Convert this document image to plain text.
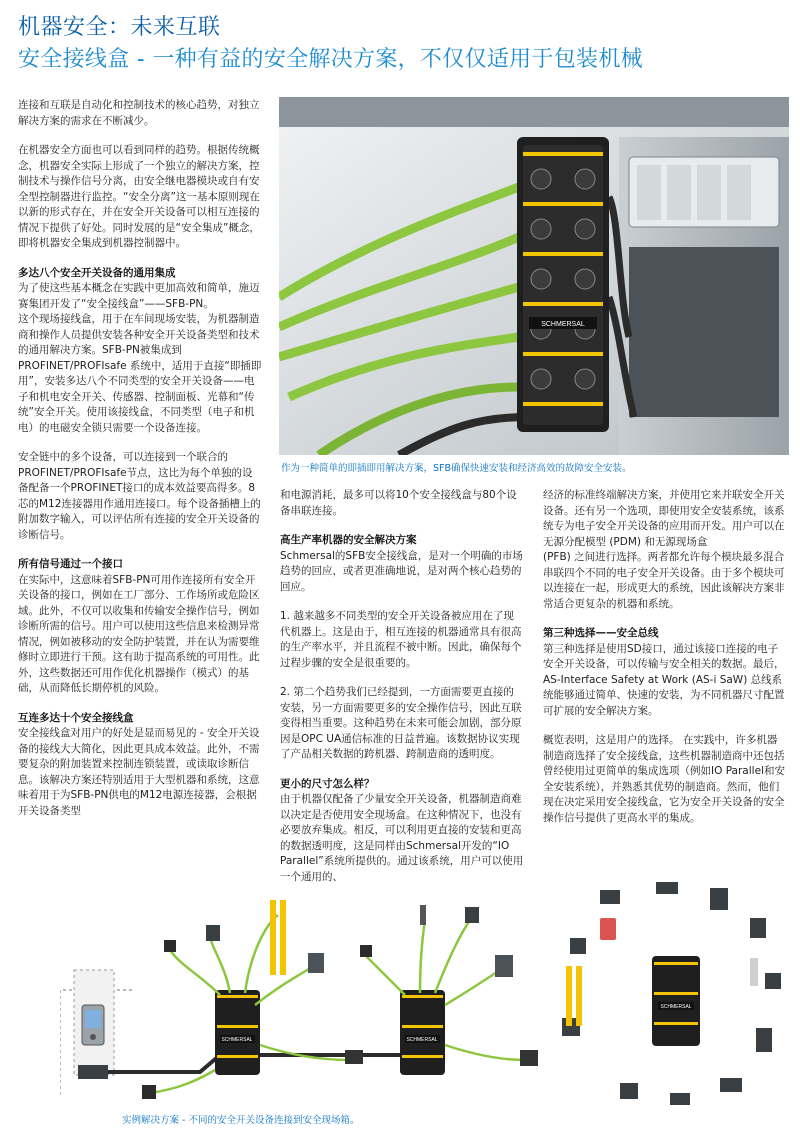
机器安全：未来互联
安全接线盒 - 一种有益的安全解决方案，不仅仅适用于包装机械

连接和互联是自动化和控制技术的核心趋势，对独立解决方案的需求在不断减少。

在机器安全方面也可以看到同样的趋势。根据传统概念，机器安全实际上形成了一个独立的解决方案，控制技术与操作信号分离，由安全继电器模块或自有安全型控制器进行监控。“安全分离”这一基本原则现在以新的形式存在，并在安全开关设备可以相互连接的情况下提供了好处。同时发展的是“安全集成”概念，即将机器安全集成到机器控制器中。

多达八个安全开关设备的通用集成

为了使这些基本概念在实践中更加高效和简单，施迈赛集团开发了“安全接线盒”——SFB-PN。

这个现场接线盒，用于在车间现场安装，为机器制造商和操作人员提供安装各种安全开关设备类型和技术的通用解决方案。SFB-PN被集成到PROFINET/PROFIsafe 系统中，适用于直接“即插即用”，安装多达八个不同类型的安全开关设备——电子和机电安全开关、传感器、控制面板、光幕和“传统”安全开关。使用该接线盒，不同类型（电子和机电）的电磁安全锁只需要一个设备连接。

安全链中的多个设备，可以连接到一个联合的PROFINET/PROFIsafe节点，这比为每个单独的设备配备一个PROFINET接口的成本效益要高得多。8芯的M12连接器用作通用连接口。每个设备插槽上的附加数字输入，可以评估所有连接的安全开关设备的诊断信号。

所有信号通过一个接口

在实际中，这意味着SFB-PN可用作连接所有安全开关设备的接口，例如在工厂部分、工作场所或危险区域。此外，不仅可以收集和传输安全操作信号，例如诊断所需的信号。用户可以使用这些信息来检测异常情况，例如被移动的安全防护装置，并在认为需要维修时立即进行干预。这有助于提高系统的可用性。此外，这些数据还可用作优化机器操作（模式）的基础，从而降低长期停机的风险。

互连多达十个安全接线盒

安全接线盒对用户的好处是显而易见的 - 安全开关设备的接线大大简化，因此更具成本效益。此外，不需要复杂的附加装置来控制连锁装置，或读取诊断信息。该解决方案还特别适用于大型机器和系统，这意味着用于为SFB-PN供电的M12电源连接器，会根据开关设备类型

SCHMERSAL
作为一种简单的即插即用解决方案，SFB确保快速安装和经济高效的故障安全安装。

和电源消耗，最多可以将10个安全接线盒与80个设备串联连接。

高生产率机器的安全解决方案

Schmersal的SFB安全接线盒，是对一个明确的市场趋势的回应，或者更准确地说，是对两个核心趋势的回应。

1. 越来越多不同类型的安全开关设备被应用在了现代机器上。这是由于，相互连接的机器通常具有很高的生产率水平，并且流程不被中断。因此，确保每个过程步骤的安全是很重要的。

2. 第二个趋势我们已经提到，一方面需要更直接的安装，另一方面需要更多的安全操作信号，因此互联变得相当重要。这种趋势在未来可能会加剧，部分原因是OPC UA通信标准的日益普遍。该数据协议实现了产品相关数据的跨机器、跨制造商的透明度。

更小的尺寸怎么样？

由于机器仅配备了少量安全开关设备，机器制造商难以决定是否使用安全现场盒。在这种情况下，也没有必要放弃集成。相反，可以利用更直接的安装和更高的数据透明度，这是同样由Schmersal开发的“IO Parallel”系统所提供的。通过该系统，用户可以使用一个通用的、

经济的标准终端解决方案，并使用它来并联安全开关设备。还有另一个选项，即使用安全安装系统，该系统专为电子安全开关设备的应用而开发。用户可以在无源分配模型 (PDM) 和无源现场盒

(PFB) 之间进行选择。两者都允许每个模块最多混合串联四个不同的电子安全开关设备。由于多个模块可以连接在一起，形成更大的系统，因此该解决方案非常适合更复杂的机器和系统。

第三种选择——安全总线

第三种选择是使用SD接口，通过该接口连接的电子安全开关设备，可以传输与安全相关的数据。最后，AS-Interface Safety at Work (AS-i SaW) 总线系统能够通过简单、快速的安装，为不同机器尺寸配置可扩展的安全解决方案。

概览表明，这是用户的选择。 在实践中，许多机器制造商选择了安全接线盒，这些机器制造商中还包括曾经使用过更简单的集成选项（例如IO Parallel和安全安装系统），并熟悉其优势的制造商。然而，他们现在决定采用安全接线盒，它为安全开关设备的安全操作信号提供了更高水平的集成。

SCHMERSAL	SCHMERSAL
实例解决方案 - 不同的安全开关设备连接到安全现场箱。
SCHMERSAL
